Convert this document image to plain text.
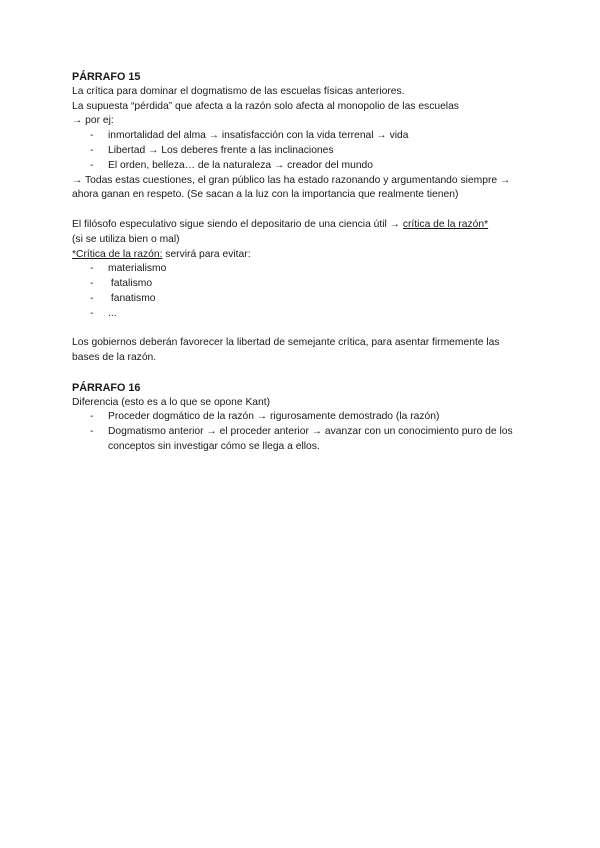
PÁRRAFO 15
La crítica para dominar el dogmatismo de las escuelas físicas anteriores.
La supuesta “pérdida” que afecta a la razón solo afecta al monopolio de las escuelas
→ por ej:
- inmortalidad del alma → insatisfacción con la vida terrenal → vida
- Libertad → Los deberes frente a las inclinaciones
- El orden, belleza… de la naturaleza → creador del mundo
→ Todas estas cuestiones, el gran público las ha estado razonando y argumentando siempre → ahora ganan en respeto. (Se sacan a la luz con la importancia que realmente tienen)
El filósofo especulativo sigue siendo el depositario de una ciencia útil → crítica de la razón*
(si se utiliza bien o mal)
*Crítica de la razón: servirá para evitar:
- materialismo
- fatalismo
- fanatismo
- ...
Los gobiernos deberán favorecer la libertad de semejante crítica, para asentar firmemente las bases de la razón.
PÁRRAFO 16
Diferencia (esto es a lo que se opone Kant)
- Proceder dogmático de la razón → rigurosamente demostrado (la razón)
- Dogmatismo anterior → el proceder anterior → avanzar con un conocimiento puro de los conceptos sin investigar cómo se llega a ellos.
